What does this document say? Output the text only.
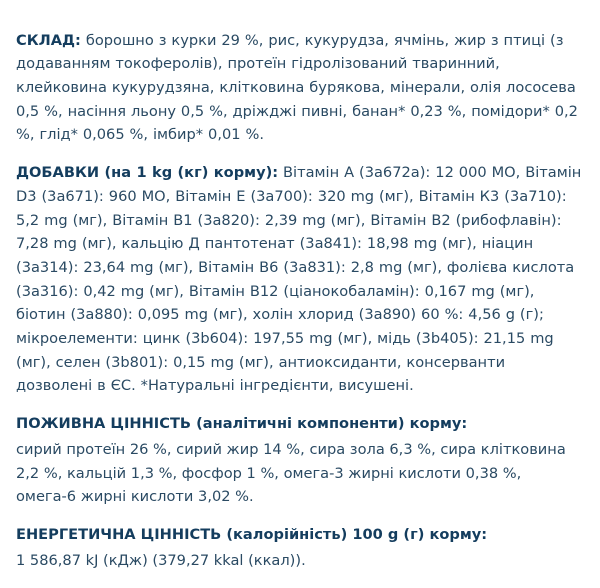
СКЛАД: борошно з курки 29 %, рис, кукурудза, ячмінь, жир з птиці (з додаванням токоферолів), протеїн гідролізований тваринний, клейковина кукурудзяна, клітковина бурякова, мінерали, олія лососева 0,5 %, насіння льону 0,5 %, дріжджі пивні, банан* 0,23 %, помідори* 0,2 %, глід* 0,065 %, імбир* 0,01 %.

ДОБАВКИ (на 1 kg (кг) корму): Вітамін А (3а672а): 12 000 МО, Вітамін D3 (3а671): 960 МО, Вітамін Е (3а700): 320 mg (мг), Вітамін К3 (3а710): 5,2 mg (мг), Вітамін В1 (3а820): 2,39 mg (мг), Вітамін В2 (рибофлавін): 7,28 mg (мг), кальцію Д пантотенат (3а841): 18,98 mg (мг), ніацин (3а314): 23,64 mg (мг), Вітамін В6 (3а831): 2,8 mg (мг), фолієва кислота (3а316): 0,42 mg (мг), Вітамін В12 (ціанокобаламін): 0,167 mg (мг), біотин (3а880): 0,095 mg (мг), холін хлорид (3а890) 60 %: 4,56 g (г); мікроелементи: цинк (3b604): 197,55 mg (мг), мідь (3b405): 21,15 mg (мг), селен (3b801): 0,15 mg (мг), антиоксиданти, консерванти дозволені в ЄС. *Натуральні інгредієнти, висушені.

ПОЖИВНА ЦІННІСТЬ (аналітичні компоненти) корму:
сирий протеїн 26 %, сирий жир 14 %, сира зола 6,3 %, сира клітковина 2,2 %, кальцій 1,3 %, фосфор 1 %, омега-3 жирні кислоти 0,38 %, омега-6 жирні кислоти 3,02 %.
ЕНЕРГЕТИЧНА ЦІННІСТЬ (калорійність) 100 g (г) корму:
1 586,87 kJ (кДж) (379,27 kkal (ккал)).
